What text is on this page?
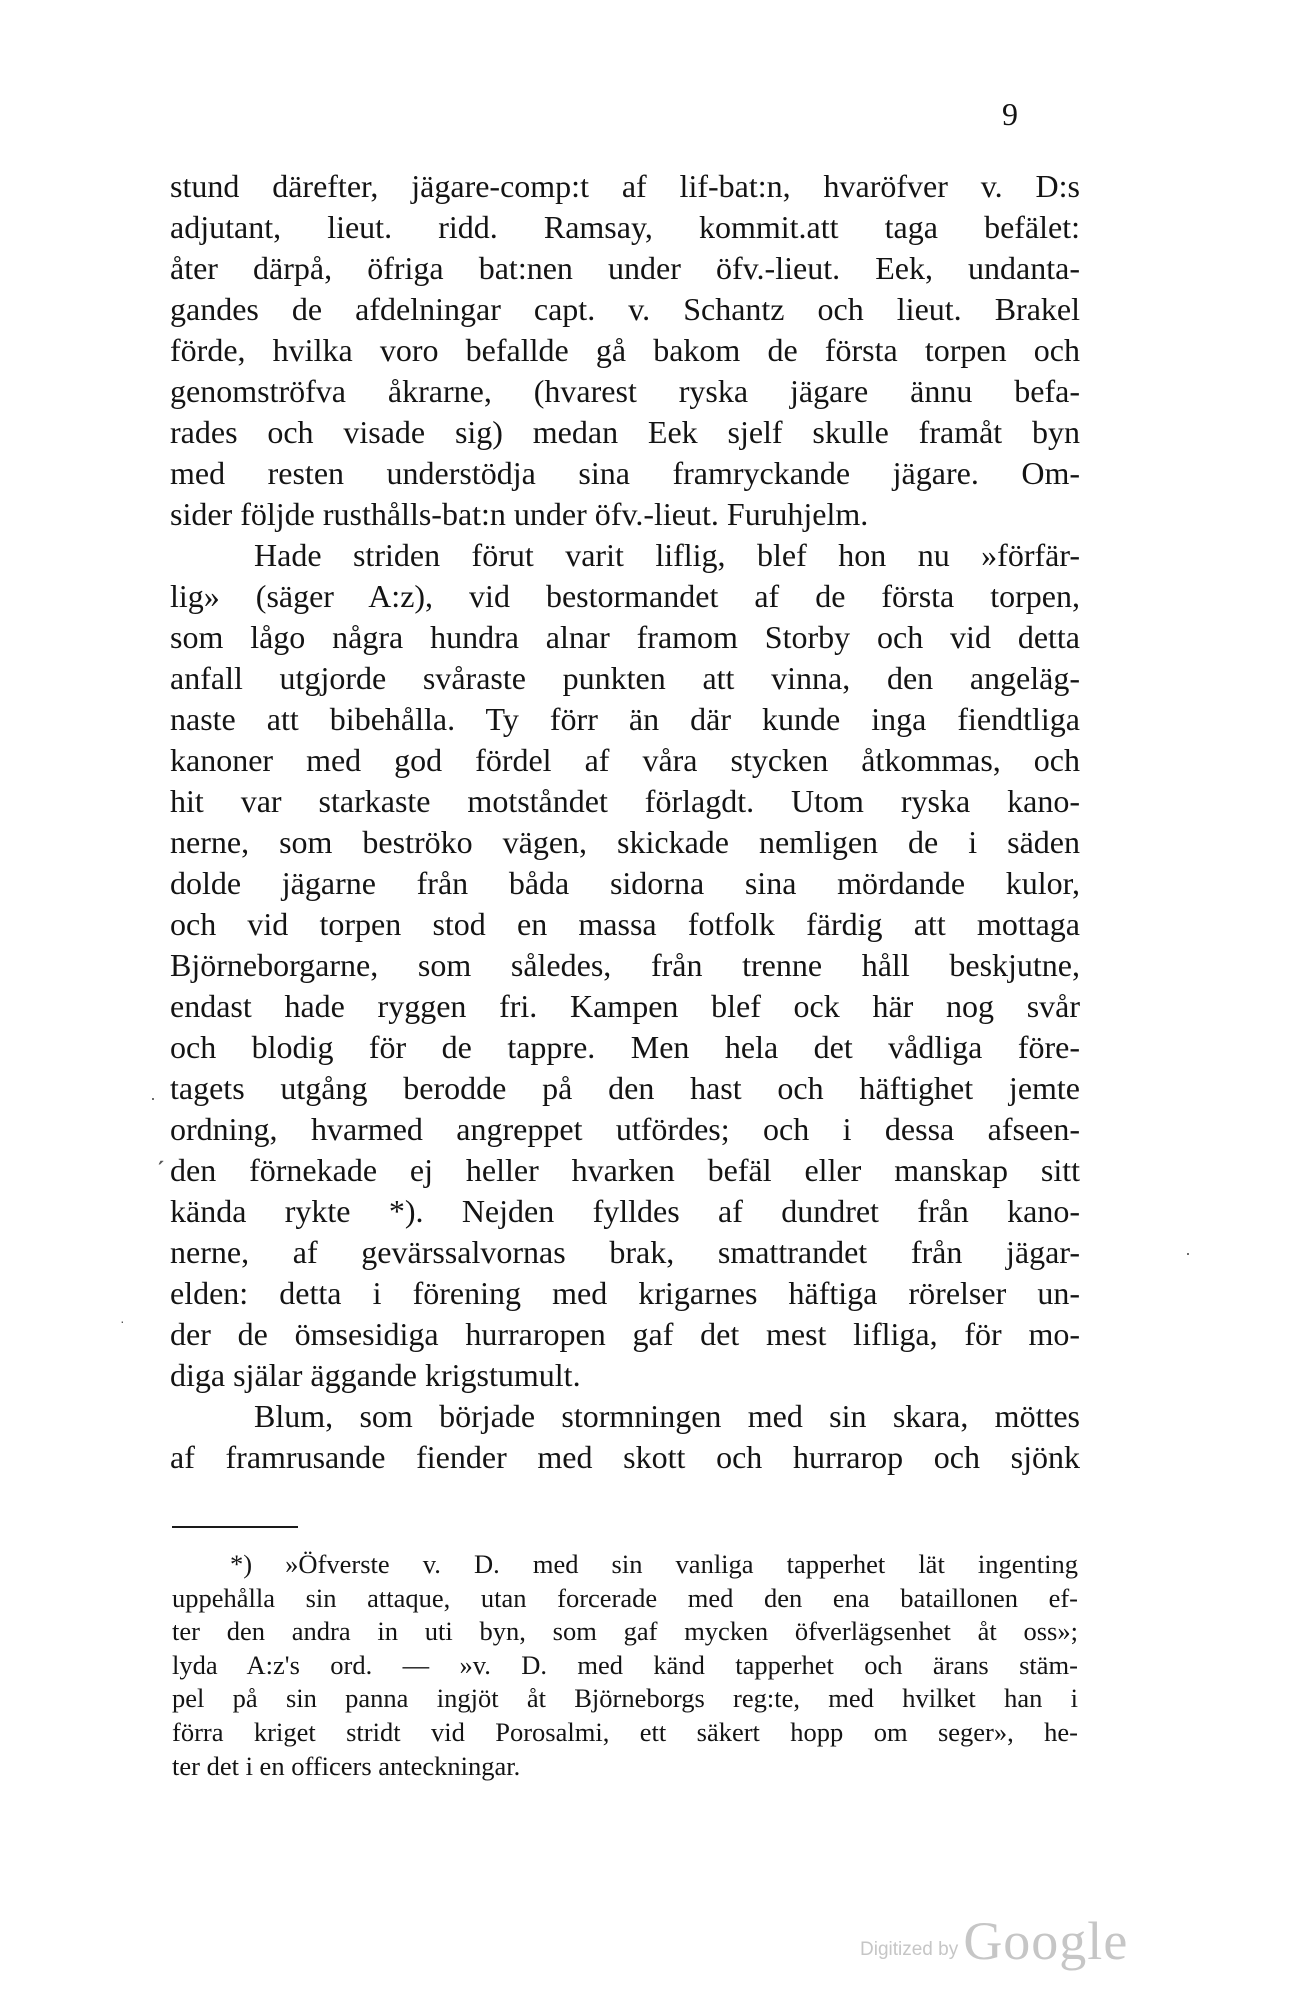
9
stund därefter, jägare-comp:t af lif-bat:n, hvaröfver v. D:s
adjutant, lieut. ridd. Ramsay, kommit.att taga befälet:
åter därpå, öfriga bat:nen under öfv.-lieut. Eek, undanta-
gandes de afdelningar capt. v. Schantz och lieut. Brakel
förde, hvilka voro befallde gå bakom de första torpen och
genomströfva åkrarne, (hvarest ryska jägare ännu befa-
rades och visade sig) medan Eek sjelf skulle framåt byn
med resten understödja sina framryckande jägare. Om-
sider följde rusthålls-bat:n under öfv.-lieut. Furuhjelm.
Hade striden förut varit liflig, blef hon nu »förfär-
lig» (säger A:z), vid bestormandet af de första torpen,
som lågo några hundra alnar framom Storby och vid detta
anfall utgjorde svåraste punkten att vinna, den angeläg-
naste att bibehålla. Ty förr än där kunde inga fiendtliga
kanoner med god fördel af våra stycken åtkommas, och
hit var starkaste motståndet förlagdt. Utom ryska kano-
nerne, som beströko vägen, skickade nemligen de i säden
dolde jägarne från båda sidorna sina mördande kulor,
och vid torpen stod en massa fotfolk färdig att mottaga
Björneborgarne, som således, från trenne håll beskjutne,
endast hade ryggen fri. Kampen blef ock här nog svår
och blodig för de tappre. Men hela det vådliga före-
tagets utgång berodde på den hast och häftighet jemte
ordning, hvarmed angreppet utfördes; och i dessa afseen-
den förnekade ej heller hvarken befäl eller manskap sitt
kända rykte *). Nejden fylldes af dundret från kano-
nerne, af gevärssalvornas brak, smattrandet från jägar-
elden: detta i förening med krigarnes häftiga rörelser un-
der de ömsesidiga hurraropen gaf det mest lifliga, för mo-
diga själar äggande krigstumult.
Blum, som började stormningen med sin skara, möttes
af framrusande fiender med skott och hurrarop och sjönk
*) »Öfverste v. D. med sin vanliga tapperhet lät ingenting
uppehålla sin attaque, utan forcerade med den ena bataillonen ef-
ter den andra in uti byn, som gaf mycken öfverlägsenhet åt oss»;
lyda A:z's ord. — »v. D. med känd tapperhet och ärans stäm-
pel på sin panna ingjöt åt Björneborgs reg:te, med hvilket han i
förra kriget stridt vid Porosalmi, ett säkert hopp om seger», he-
ter det i en officers anteckningar.
ˊ
·
·
·
Digitized by Google
